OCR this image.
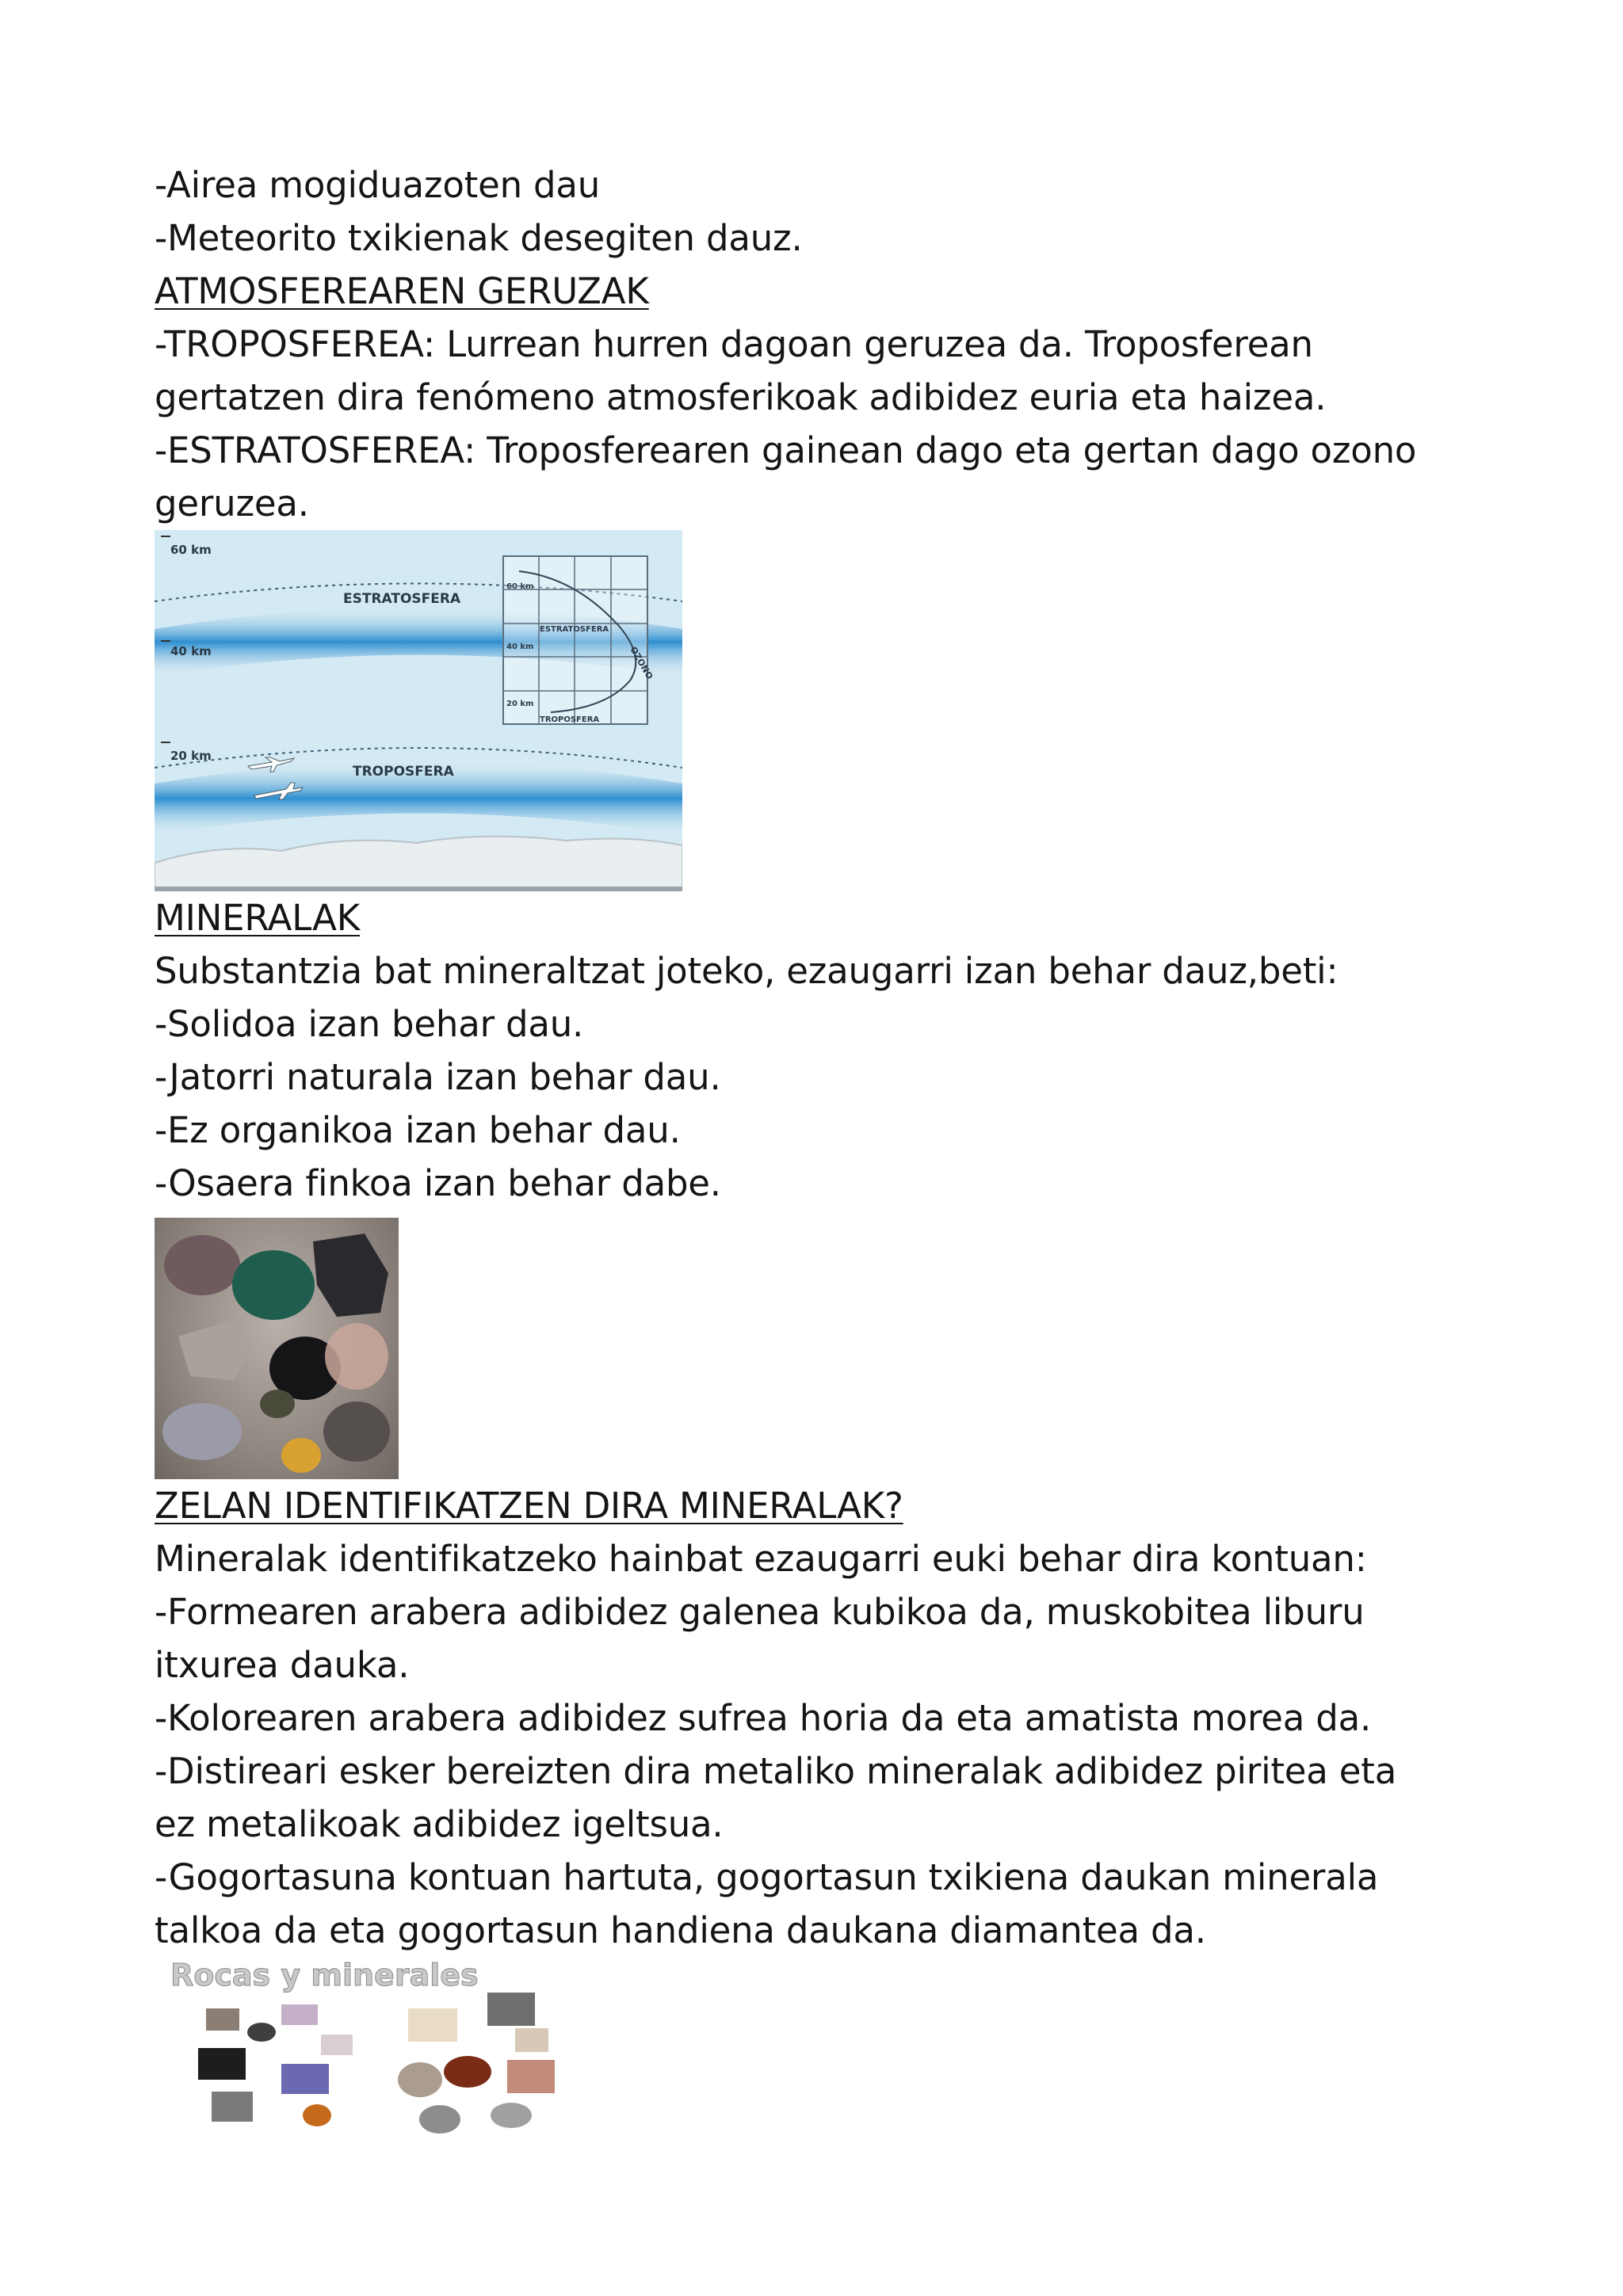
-Airea mogiduazoten dau
-Meteorito txikienak desegiten dauz.
ATMOSFEREAREN GERUZAK
-TROPOSFEREA: Lurrean hurren dagoan geruzea da. Troposferean
gertatzen dira fenómeno atmosferikoak adibidez euria eta haizea.
-ESTRATOSFEREA: Troposferearen gainean dago eta gertan dago ozono
geruzea.
60 km
40 km
20 km
ESTRATOSFERA
TROPOSFERA
60 km
ESTRATOSFERA
40 km
20 km
TROPOSFERA
OZONO
MINERALAK
Substantzia bat mineraltzat joteko, ezaugarri izan behar dauz,beti:
-Solidoa izan behar dau.
-Jatorri naturala izan behar dau.
-Ez organikoa izan behar dau.
-Osaera finkoa izan behar dabe.
ZELAN IDENTIFIKATZEN DIRA MINERALAK?
Mineralak identifikatzeko hainbat ezaugarri euki behar dira kontuan:
-Formearen arabera adibidez galenea kubikoa da, muskobitea liburu
itxurea dauka.
-Kolorearen arabera adibidez sufrea horia da eta amatista morea da.
-Distireari esker bereizten dira metaliko mineralak adibidez piritea eta
ez metalikoak adibidez igeltsua.
-Gogortasuna kontuan hartuta, gogortasun txikiena daukan minerala
talkoa da eta gogortasun handiena daukana diamantea da.
Rocas y minerales
